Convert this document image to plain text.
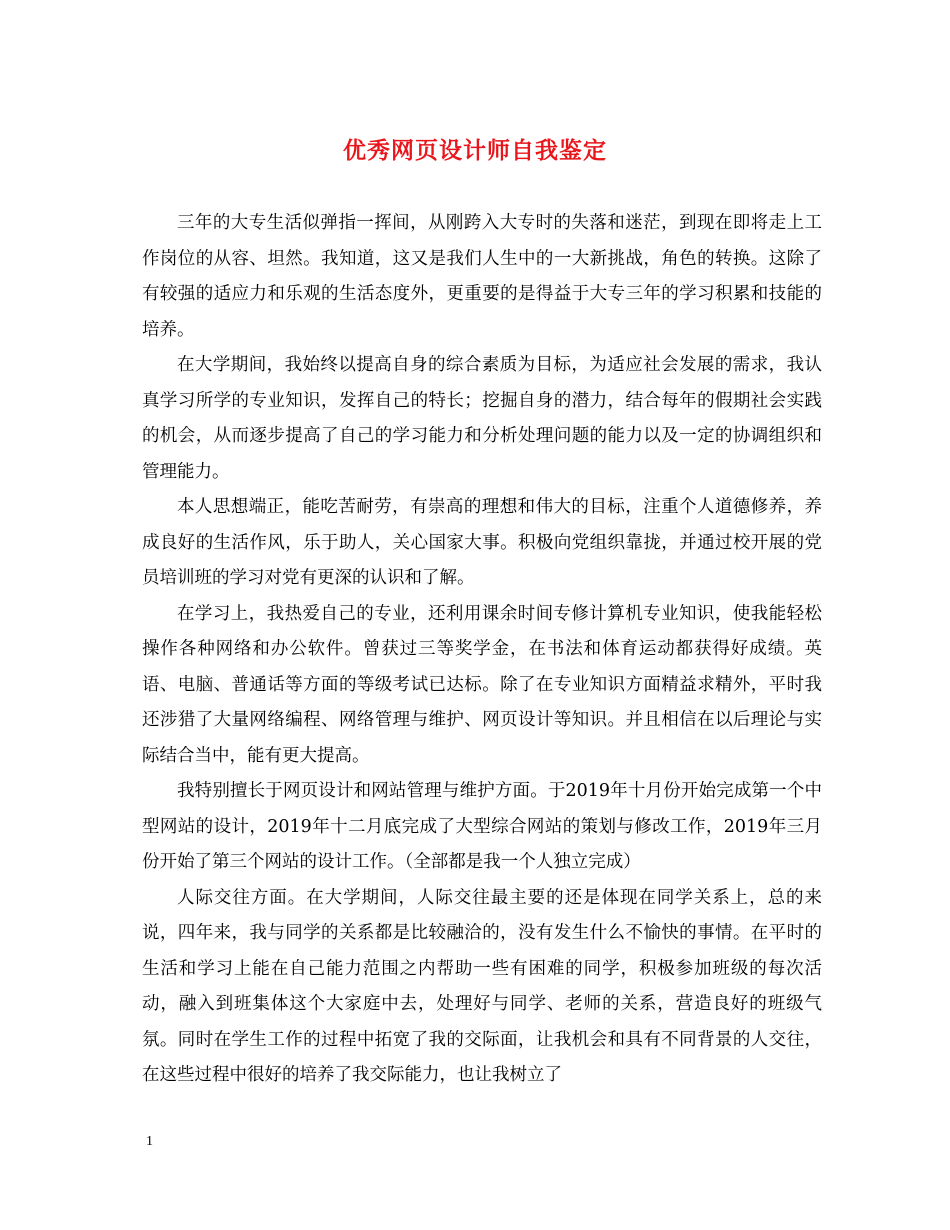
优秀网页设计师自我鉴定

三年的大专生活似弹指一挥间，从刚跨入大专时的失落和迷茫，到现在即将走上工作岗位的从容、坦然。我知道，这又是我们人生中的一大新挑战，角色的转换。这除了有较强的适应力和乐观的生活态度外，更重要的是得益于大专三年的学习积累和技能的培养。

在大学期间，我始终以提高自身的综合素质为目标，为适应社会发展的需求，我认真学习所学的专业知识，发挥自己的特长；挖掘自身的潜力，结合每年的假期社会实践的机会，从而逐步提高了自己的学习能力和分析处理问题的能力以及一定的协调组织和管理能力。

本人思想端正，能吃苦耐劳，有崇高的理想和伟大的目标，注重个人道德修养，养成良好的生活作风，乐于助人，关心国家大事。积极向党组织靠拢，并通过校开展的党员培训班的学习对党有更深的认识和了解。

在学习上，我热爱自己的专业，还利用课余时间专修计算机专业知识，使我能轻松操作各种网络和办公软件。曾获过三等奖学金，在书法和体育运动都获得好成绩。英语、电脑、普通话等方面的等级考试已达标。除了在专业知识方面精益求精外，平时我还涉猎了大量网络编程、网络管理与维护、网页设计等知识。并且相信在以后理论与实际结合当中，能有更大提高。

我特别擅长于网页设计和网站管理与维护方面。于2019年十月份开始完成第一个中型网站的设计，2019年十二月底完成了大型综合网站的策划与修改工作，2019年三月份开始了第三个网站的设计工作。（全部都是我一个人独立完成）

人际交往方面。在大学期间，人际交往最主要的还是体现在同学关系上，总的来说，四年来，我与同学的关系都是比较融洽的，没有发生什么不愉快的事情。在平时的生活和学习上能在自己能力范围之内帮助一些有困难的同学，积极参加班级的每次活动，融入到班集体这个大家庭中去，处理好与同学、老师的关系，营造良好的班级气氛。同时在学生工作的过程中拓宽了我的交际面，让我机会和具有不同背景的人交往，在这些过程中很好的培养了我交际能力，也让我树立了

1
